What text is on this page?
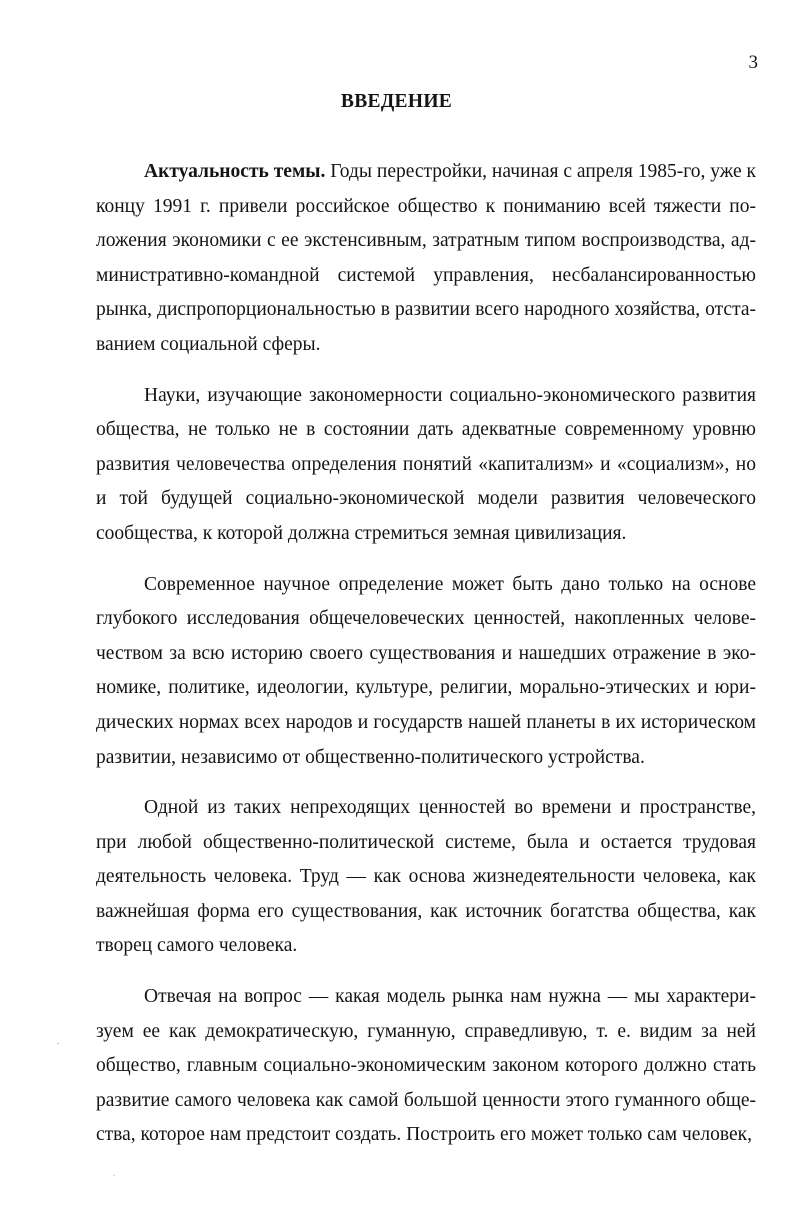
3
ВВЕДЕНИЕ

Актуальность темы. Годы перестройки, начиная с апреля 1985-го, уже к концу 1991 г. привели российское общество к пониманию всей тяжести положения экономики с ее экстенсивным, затратным типом воспроизводства, административно-командной системой управления, несбалансированностью рынка, диспропорциональностью в развитии всего народного хозяйства, отставанием социальной сферы.

Науки, изучающие закономерности социально-экономического развития общества, не только не в состоянии дать адекватные современному уровню развития человечества определения понятий «капитализм» и «социализм», но и той будущей социально-экономической модели развития человеческого сообщества, к которой должна стремиться земная цивилизация.

Современное научное определение может быть дано только на основе глубокого исследования общечеловеческих ценностей, накопленных человечеством за всю историю своего существования и нашедших отражение в экономике, политике, идеологии, культуре, религии, морально-этических и юридических нормах всех народов и государств нашей планеты в их историческом развитии, независимо от общественно-политического устройства.

Одной из таких непреходящих ценностей во времени и пространстве, при любой общественно-политической системе, была и остается трудовая деятельность человека. Труд — как основа жизнедеятельности человека, как важнейшая форма его существования, как источник богатства общества, как творец самого человека.

Отвечая на вопрос — какая модель рынка нам нужна — мы характеризуем ее как демократическую, гуманную, справедливую, т. е. видим за ней общество, главным социально-экономическим законом которого должно стать развитие самого человека как самой большой ценности этого гуманного общества, которое нам предстоит создать. Построить его может только сам человек,

ˊ
·
